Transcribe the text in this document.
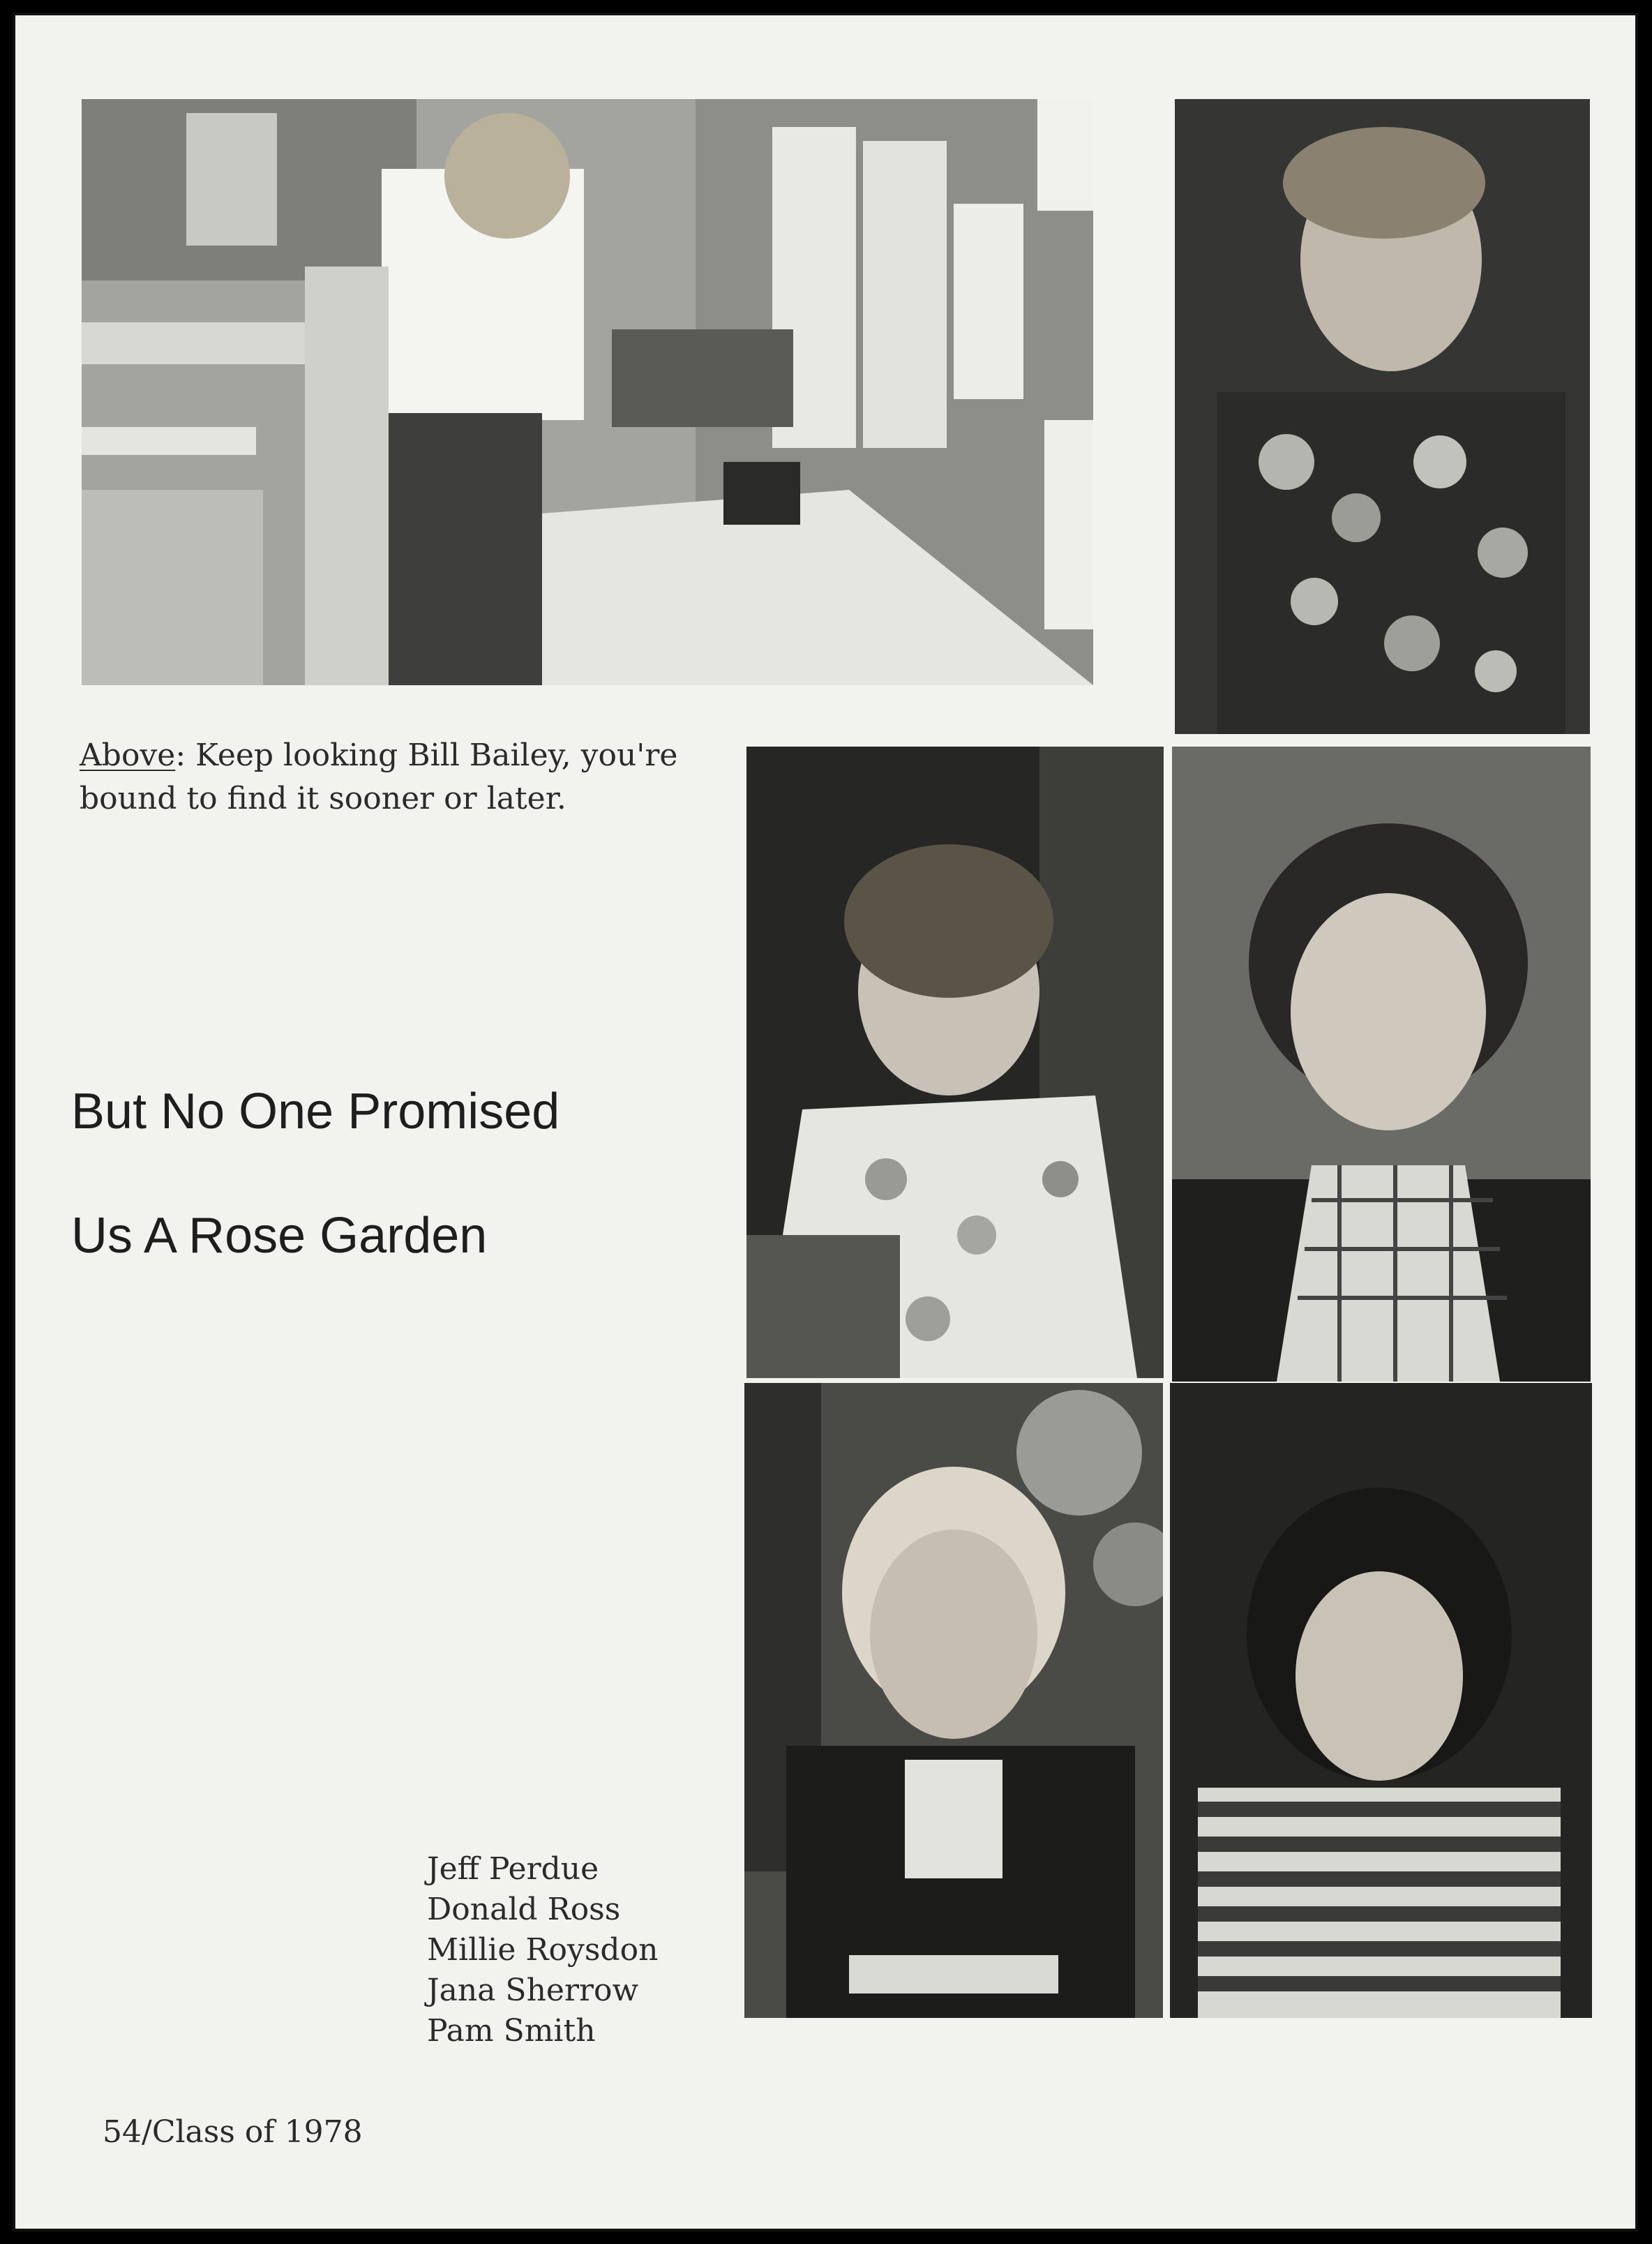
Above: Keep looking Bill Bailey, you're bound to find it sooner or later.
But No One Promised
Us A Rose Garden
Jeff Perdue
Donald Ross
Millie Roysdon
Jana Sherrow
Pam Smith
54/Class of 1978
